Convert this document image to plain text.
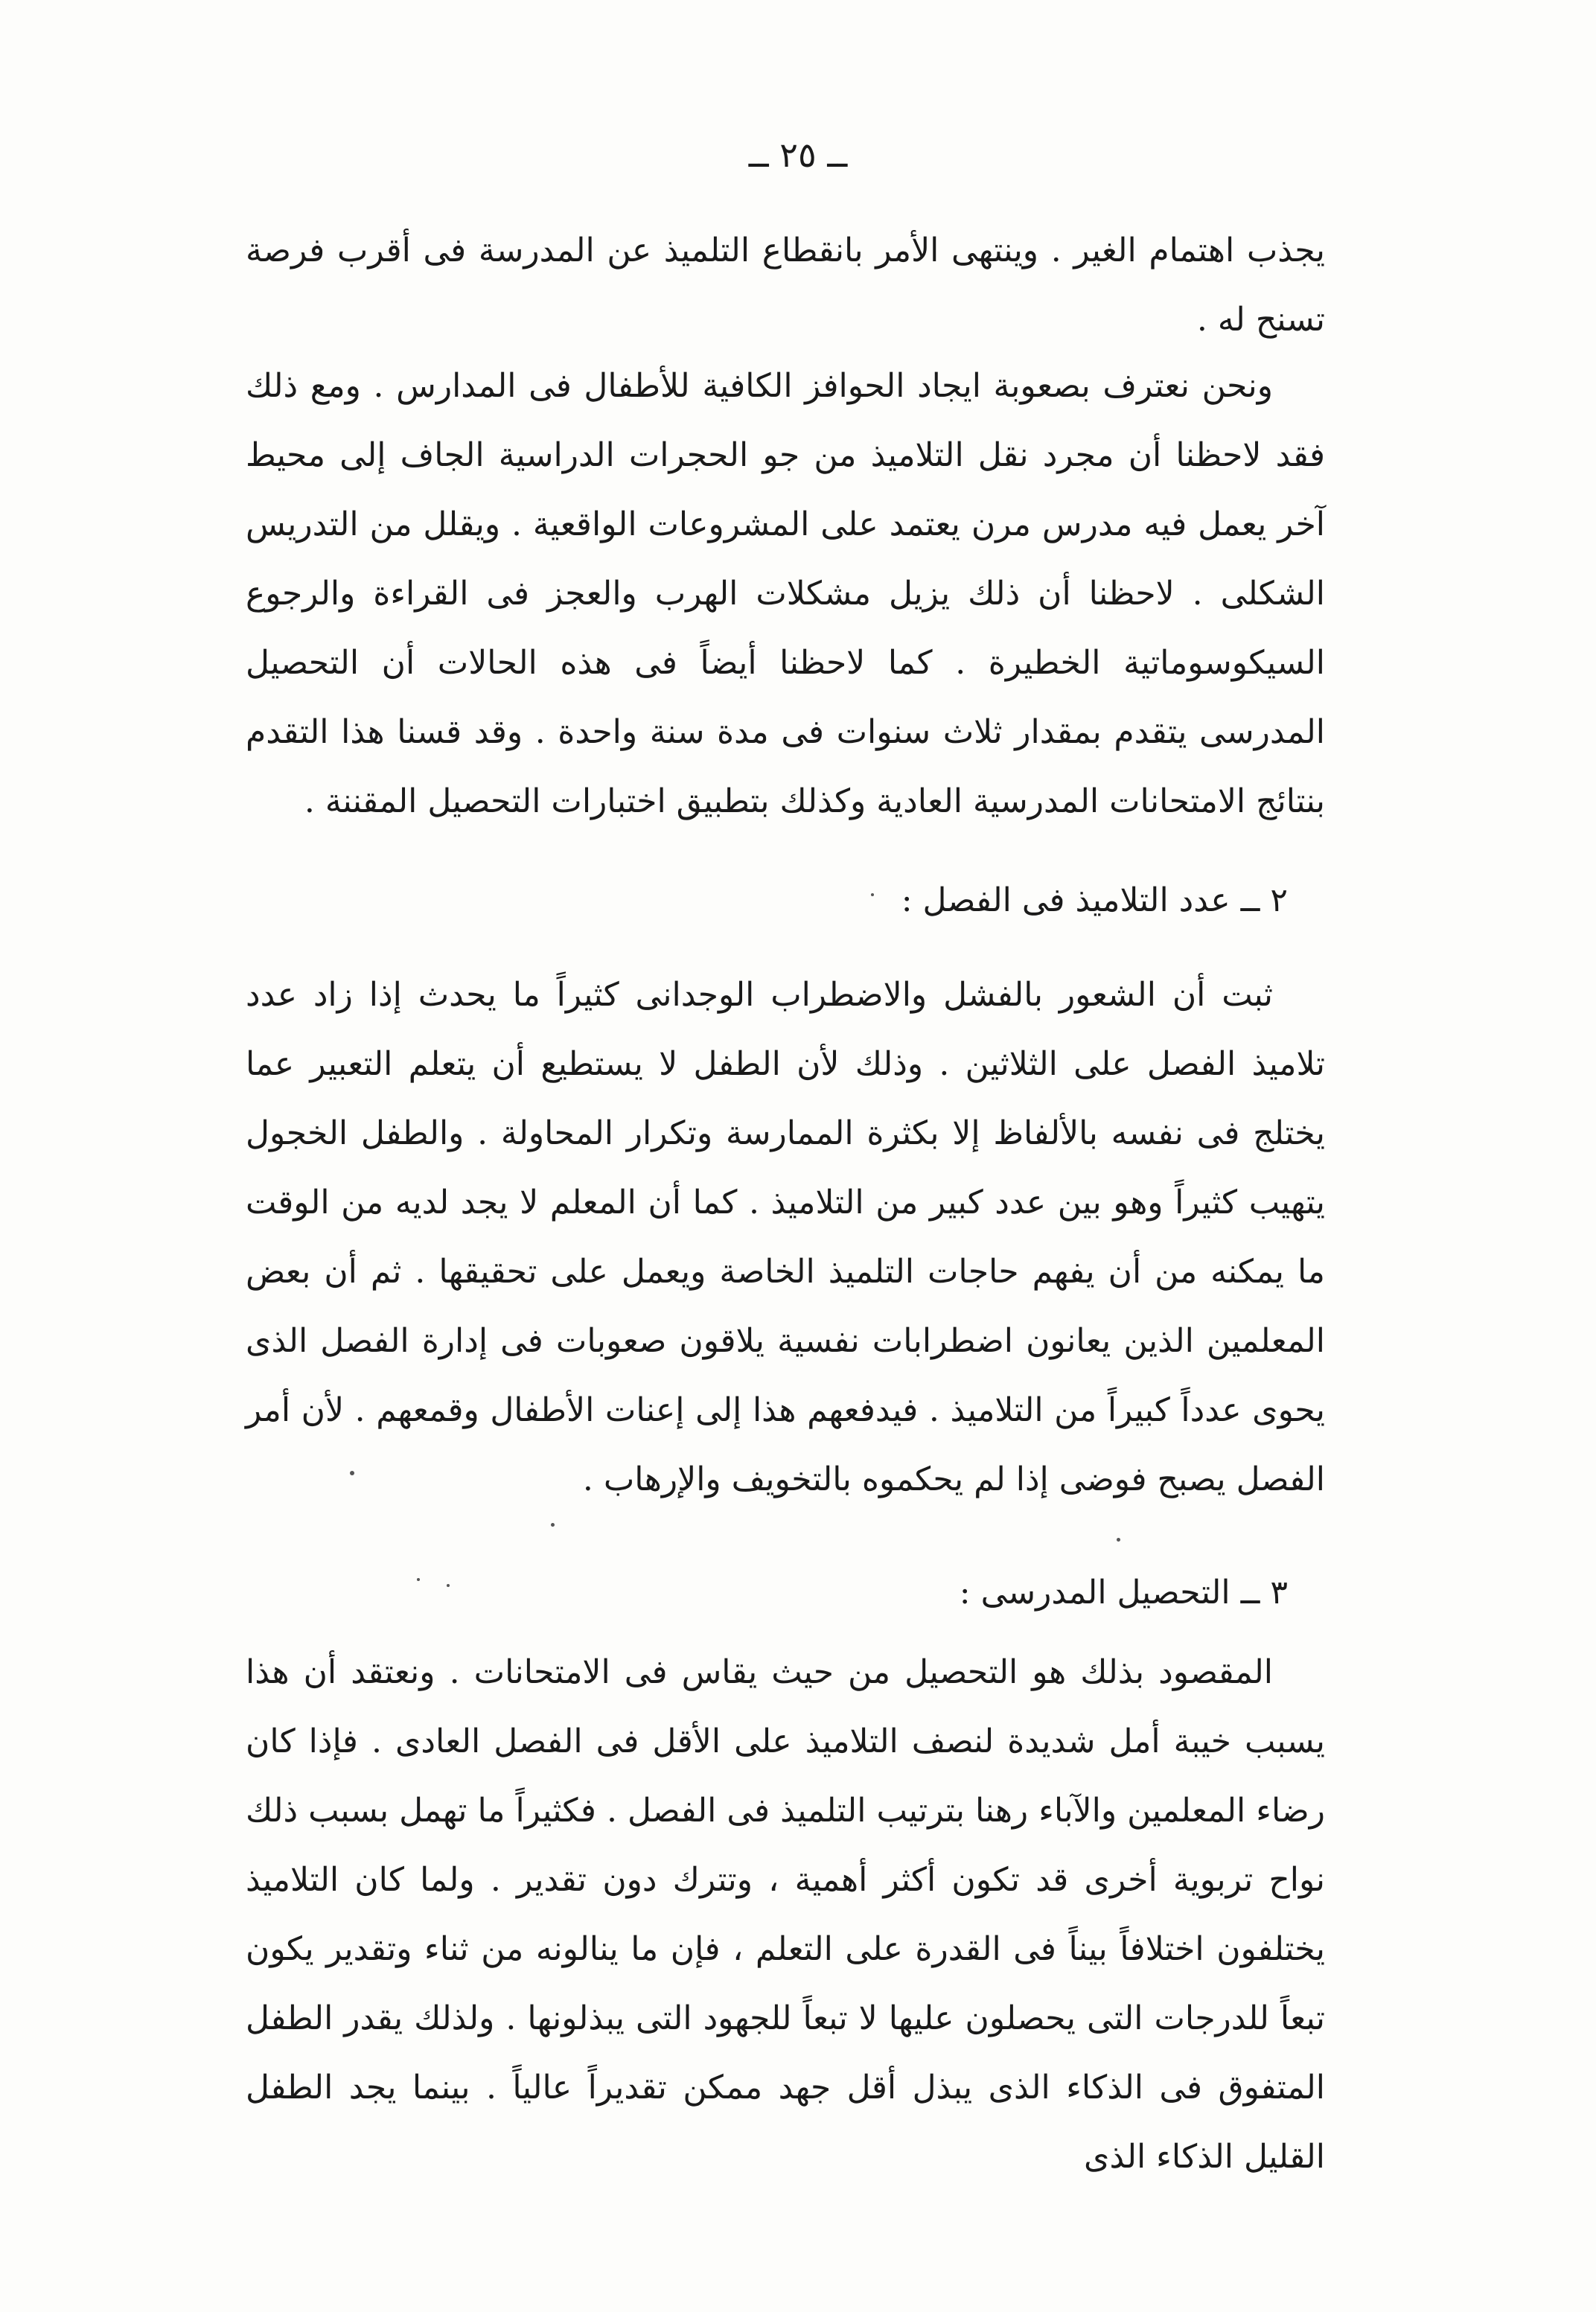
ــ ٢٥ ــ

يجذب اهتمام الغير . وينتهى الأمر بانقطاع التلميذ عن المدرسة فى أقرب فرصة تسنح له .

ونحن نعترف بصعوبة ايجاد الحوافز الكافية للأطفال فى المدارس . ومع ذلك فقد لاحظنا أن مجرد نقل التلاميذ من جو الحجرات الدراسية الجاف إلى محيط آخر يعمل فيه مدرس مرن يعتمد على المشروعات الواقعية . ويقلل من التدريس الشكلى . لاحظنا أن ذلك يزيل مشكلات الهرب والعجز فى القراءة والرجوع السيكوسوماتية الخطيرة . كما لاحظنا أيضاً فى هذه الحالات أن التحصيل المدرسى يتقدم بمقدار ثلاث سنوات فى مدة سنة واحدة . وقد قسنا هذا التقدم بنتائج الامتحانات المدرسية العادية وكذلك بتطبيق اختبارات التحصيل المقننة .

٢ ــ عدد التلاميذ فى الفصل :

ثبت أن الشعور بالفشل والاضطراب الوجدانى كثيراً ما يحدث إذا زاد عدد تلاميذ الفصل على الثلاثين . وذلك لأن الطفل لا يستطيع أن يتعلم التعبير عما يختلج فى نفسه بالألفاظ إلا بكثرة الممارسة وتكرار المحاولة . والطفل الخجول يتهيب كثيراً وهو بين عدد كبير من التلاميذ . كما أن المعلم لا يجد لديه من الوقت ما يمكنه من أن يفهم حاجات التلميذ الخاصة ويعمل على تحقيقها . ثم أن بعض المعلمين الذين يعانون اضطرابات نفسية يلاقون صعوبات فى إدارة الفصل الذى يحوى عدداً كبيراً من التلاميذ . فيدفعهم هذا إلى إعنات الأطفال وقمعهم . لأن أمر الفصل يصبح فوضى إذا لم يحكموه بالتخويف والإرهاب .

٣ ــ التحصيل المدرسى :

المقصود بذلك هو التحصيل من حيث يقاس فى الامتحانات . ونعتقد أن هذا يسبب خيبة أمل شديدة لنصف التلاميذ على الأقل فى الفصل العادى . فإذا كان رضاء المعلمين والآباء رهنا بترتيب التلميذ فى الفصل . فكثيراً ما تهمل بسبب ذلك نواح تربوية أخرى قد تكون أكثر أهمية ، وتترك دون تقدير . ولما كان التلاميذ يختلفون اختلافاً بيناً فى القدرة على التعلم ، فإن ما ينالونه من ثناء وتقدير يكون تبعاً للدرجات التى يحصلون عليها لا تبعاً للجهود التى يبذلونها . ولذلك يقدر الطفل المتفوق فى الذكاء الذى يبذل أقل جهد ممكن تقديراً عالياً . بينما يجد الطفل القليل الذكاء الذى
